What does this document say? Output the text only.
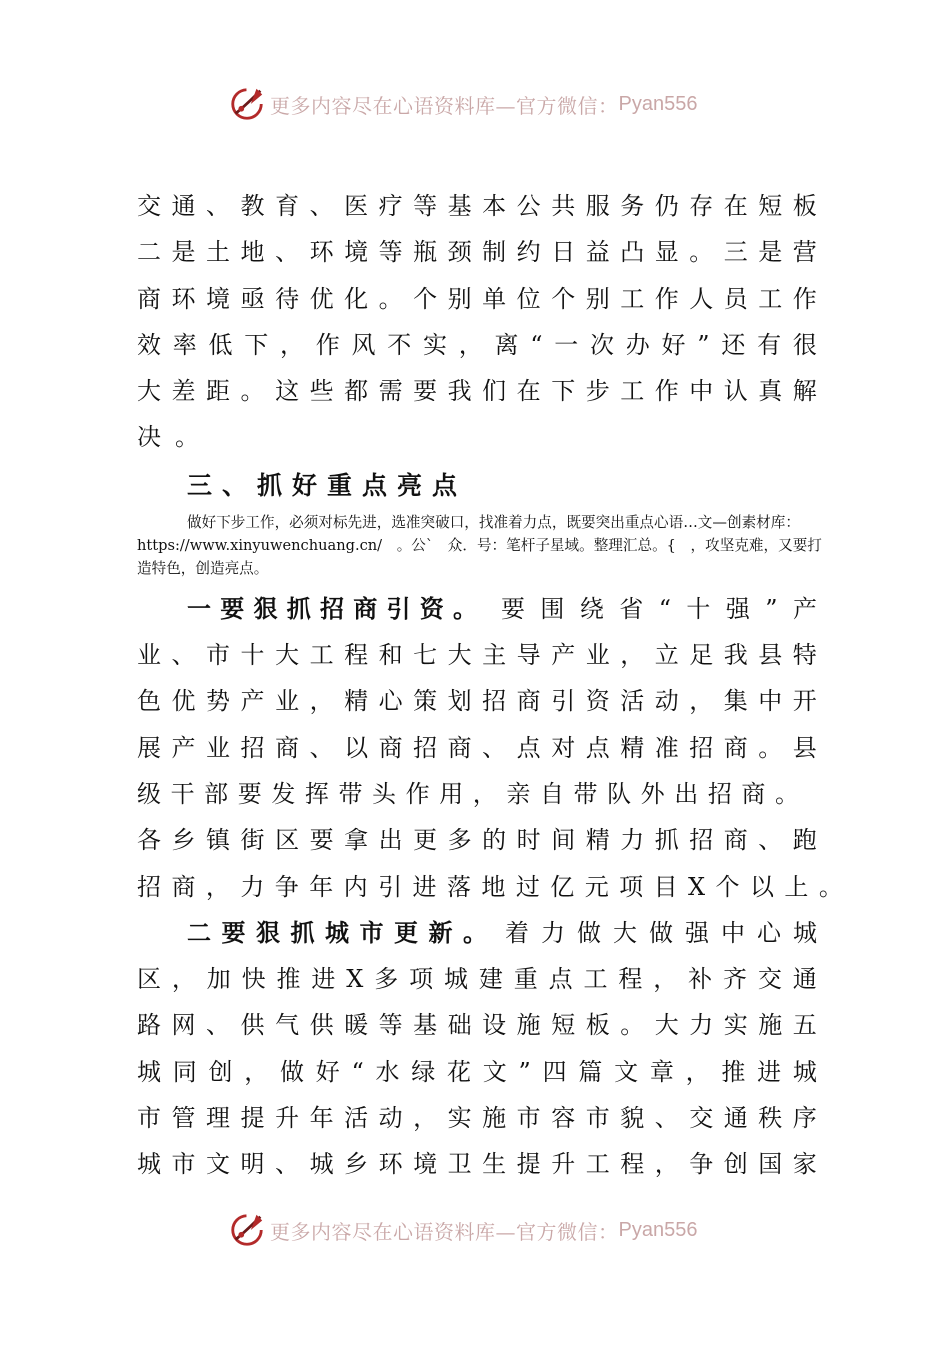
更多内容尽在心语资料库—官方微信： Pyan556
交 通 、 教 育 、 医 疗 等 基 本 公 共 服 务 仍 存 在 短 板
二 是 土 地 、 环 境 等 瓶 颈 制 约 日 益 凸 显 。 三 是 营
商 环 境 亟 待 优 化 。 个 别 单 位 个 别 工 作 人 员 工 作
效 率 低 下 ， 作 风 不 实 ， 离 “ 一 次 办 好 ” 还 有 很
大 差 距 。 这 些 都 需 要 我 们 在 下 步 工 作 中 认 真 解
决 。
三、抓好重点亮点

做好下步工作，必须对标先进，选准突破口，找准着力点，既要突出重点心语…文—创素材库：https://www.xinyuwenchuang.cn/　。公`　众．号：笔杆子星域。整理汇总。{　，攻坚克难，又要打造特色，创造亮点。

一 要 狠 抓 招 商 引 资 。 要 围 绕 省 “ 十 强 ” 产
业 、 市 十 大 工 程 和 七 大 主 导 产 业 ， 立 足 我 县 特
色 优 势 产 业 ， 精 心 策 划 招 商 引 资 活 动 ， 集 中 开
展 产 业 招 商 、 以 商 招 商 、 点 对 点 精 准 招 商 。 县
级 干 部 要 发 挥 带 头 作 用 ， 亲 自 带 队 外 出 招 商 。
各 乡 镇 街 区 要 拿 出 更 多 的 时 间 精 力 抓 招 商 、 跑
招 商 ， 力 争 年 内 引 进 落 地 过 亿 元 项 目 X 个 以 上 。
二 要 狠 抓 城 市 更 新 。 着 力 做 大 做 强 中 心 城
区 ， 加 快 推 进 X 多 项 城 建 重 点 工 程 ， 补 齐 交 通
路 网 、 供 气 供 暖 等 基 础 设 施 短 板 。 大 力 实 施 五
城 同 创 ， 做 好 “ 水 绿 花 文 ” 四 篇 文 章 ， 推 进 城
市 管 理 提 升 年 活 动 ， 实 施 市 容 市 貌 、 交 通 秩 序
城 市 文 明 、 城 乡 环 境 卫 生 提 升 工 程 ， 争 创 国 家
更多内容尽在心语资料库—官方微信： Pyan556
